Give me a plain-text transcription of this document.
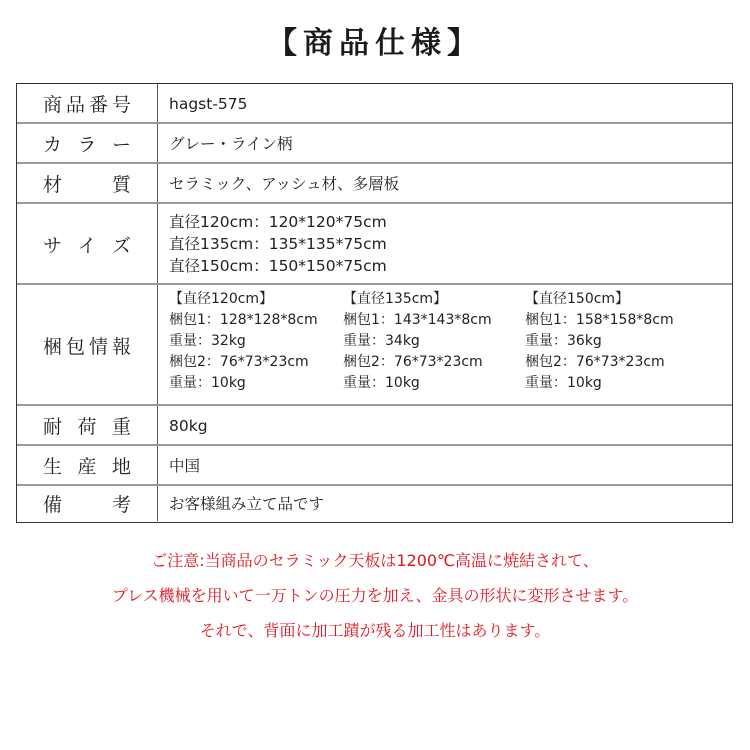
【商品仕様】
商 品 番 号 hagst-575
カ ラ ー グレー・ライン柄
材	質 セラミック、アッシュ材、多層板
サ イ ズ
直径120cm：120*120*75cm
直径135cm：135*135*75cm
直径150cm：150*150*75cm
梱 包 情 報
【直径120cm】
梱包1：128*128*8cm
重量：32kg
梱包2：76*73*23cm
重量：10kg
【直径135cm】
梱包1：143*143*8cm
重量：34kg
梱包2：76*73*23cm
重量：10kg
【直径150cm】
梱包1：158*158*8cm
重量：36kg
梱包2：76*73*23cm
重量：10kg
耐 荷 重 80kg
生 産 地 中国
備	考 お客様組み立て品です
ご注意:当商品のセラミック天板は1200℃高温に焼結されて、
プレス機械を用いて一万トンの圧力を加え、金具の形状に変形させます。
それで、背面に加工蹟が残る加工性はあります。
